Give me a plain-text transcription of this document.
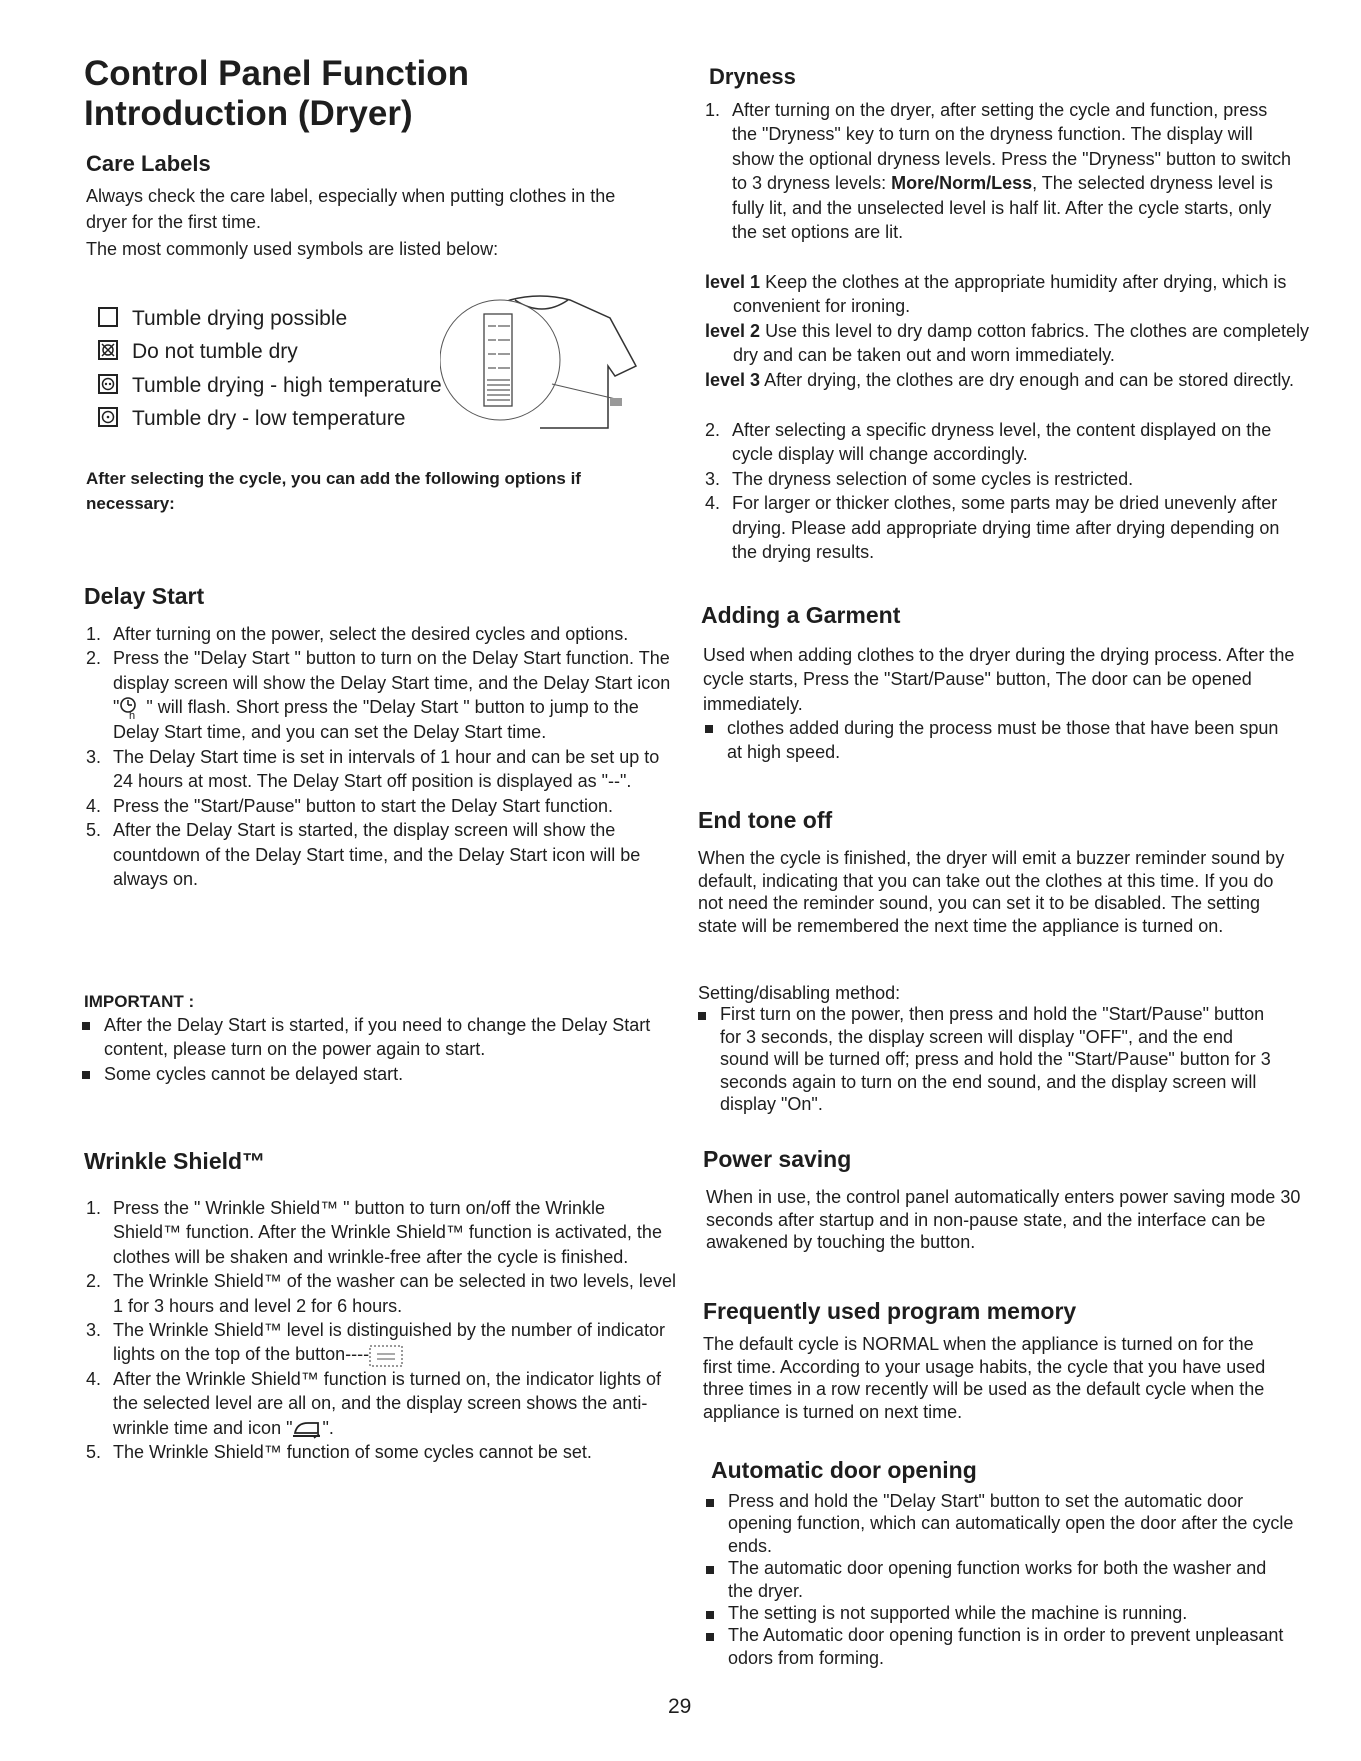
Control Panel Function
Introduction (Dryer)
Care Labels

Always check the care label, especially when putting clothes in the dryer for the first time.

The most commonly used symbols are listed below:

Tumble drying possible
Do not tumble dry
Tumble drying - high temperature
Tumble dry - low temperature

After selecting the cycle, you can add the following options if necessary:

Delay Start
1. After turning on the power, select the desired cycles and options.
2. Press the "Delay Start " button to turn on the Delay Start function. The display screen will show the Delay Start time, and the Delay Start icon " h " will flash. Short press the "Delay Start " button to jump to the Delay Start time, and you can set the Delay Start time.
3. The Delay Start time is set in intervals of 1 hour and can be set up to 24 hours at most. The Delay Start off position is displayed as "--".
4. Press the "Start/Pause" button to start the Delay Start function.
5. After the Delay Start is started, the display screen will show the countdown of the Delay Start time, and the Delay Start icon will be always on.

IMPORTANT :

After the Delay Start is started, if you need to change the Delay Start content, please turn on the power again to start.
Some cycles cannot be delayed start.
Wrinkle Shield™
1. Press the " Wrinkle Shield™ " button to turn on/off the Wrinkle Shield™ function. After the Wrinkle Shield™ function is activated, the clothes will be shaken and wrinkle-free after the cycle is finished.
2. The Wrinkle Shield™ of the washer can be selected in two levels, level 1 for 3 hours and level 2 for 6 hours.
3. The Wrinkle Shield™ level is distinguished by the number of indicator lights on the top of the button----
4. After the Wrinkle Shield™ function is turned on, the indicator lights of the selected level are all on, and the display screen shows the anti-wrinkle time and icon " ".
5. The Wrinkle Shield™ function of some cycles cannot be set.
Dryness
1. After turning on the dryer, after setting the cycle and function, press the "Dryness" key to turn on the dryness function. The display will show the optional dryness levels. Press the "Dryness" button to switch to 3 dryness levels: More/Norm/Less, The selected dryness level is fully lit, and the unselected level is half lit. After the cycle starts, only the set options are lit.

level 1 Keep the clothes at the appropriate humidity after drying, which is convenient for ironing.

level 2 Use this level to dry damp cotton fabrics. The clothes are completely dry and can be taken out and worn immediately.

level 3 After drying, the clothes are dry enough and can be stored directly.

2. After selecting a specific dryness level, the content displayed on the cycle display will change accordingly.
3. The dryness selection of some cycles is restricted.
4. For larger or thicker clothes, some parts may be dried unevenly after drying. Please add appropriate drying time after drying depending on the drying results.
Adding a Garment

Used when adding clothes to the dryer during the drying process. After the cycle starts, Press the "Start/Pause" button, The door can be opened immediately.

clothes added during the process must be those that have been spun at high speed.
End tone off

When the cycle is finished, the dryer will emit a buzzer reminder sound by default, indicating that you can take out the clothes at this time. If you do not need the reminder sound, you can set it to be disabled. The setting state will be remembered the next time the appliance is turned on.

Setting/disabling method:

First turn on the power, then press and hold the "Start/Pause" button for 3 seconds, the display screen will display "OFF", and the end sound will be turned off; press and hold the "Start/Pause" button for 3 seconds again to turn on the end sound, and the display screen will display "On".
Power saving

When in use, the control panel automatically enters power saving mode 30 seconds after startup and in non-pause state, and the interface can be awakened by touching the button.

Frequently used program memory

The default cycle is NORMAL when the appliance is turned on for the first time. According to your usage habits, the cycle that you have used three times in a row recently will be used as the default cycle when the appliance is turned on next time.

Automatic door opening
Press and hold the "Delay Start" button to set the automatic door opening function, which can automatically open the door after the cycle ends.
The automatic door opening function works for both the washer and the dryer.
The setting is not supported while the machine is running.
The Automatic door opening function is in order to prevent unpleasant odors from forming.
29
